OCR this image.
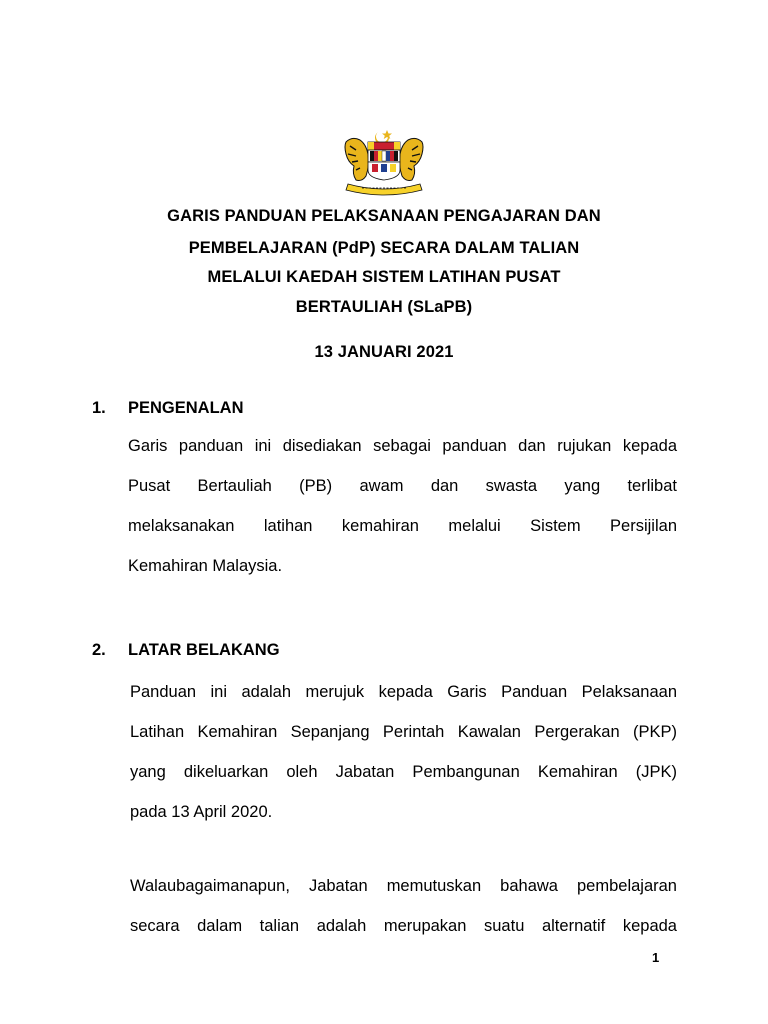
GARIS PANDUAN PELAKSANAAN PENGAJARAN DAN
PEMBELAJARAN (PdP) SECARA DALAM TALIAN
MELALUI KAEDAH SISTEM LATIHAN PUSAT
BERTAULIAH (SLaPB)
13 JANUARI 2021
1. PENGENALAN
Garis panduan ini disediakan sebagai panduan dan rujukan kepada
Pusat Bertauliah (PB) awam dan swasta yang terlibat
melaksanakan latihan kemahiran melalui Sistem Persijilan
Kemahiran Malaysia.
2. LATAR BELAKANG
Panduan ini adalah merujuk kepada Garis Panduan Pelaksanaan
Latihan Kemahiran Sepanjang Perintah Kawalan Pergerakan (PKP)
yang dikeluarkan oleh Jabatan Pembangunan Kemahiran (JPK)
pada 13 April 2020.
Walaubagaimanapun, Jabatan memutuskan bahawa pembelajaran
secara dalam talian adalah merupakan suatu alternatif kepada
1
